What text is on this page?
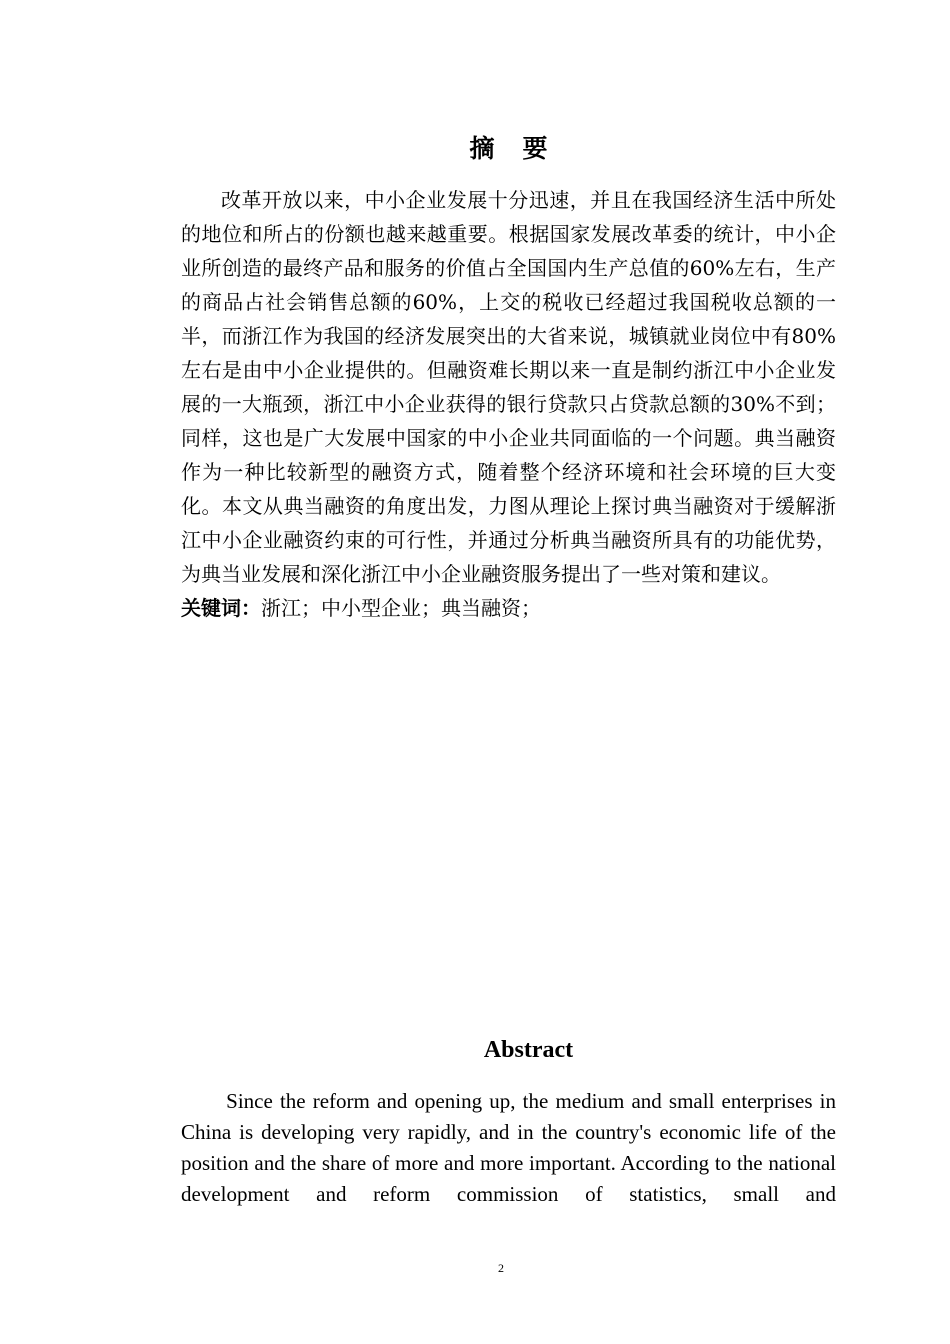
摘要

改革开放以来，中小企业发展十分迅速，并且在我国经济生活中所处的地位和所占的份额也越来越重要。根据国家发展改革委的统计，中小企业所创造的最终产品和服务的价值占全国国内生产总值的60%左右，生产的商品占社会销售总额的60%，上交的税收已经超过我国税收总额的一半，而浙江作为我国的经济发展突出的大省来说，城镇就业岗位中有80%左右是由中小企业提供的。但融资难长期以来一直是制约浙江中小企业发展的一大瓶颈，浙江中小企业获得的银行贷款只占贷款总额的30%不到；同样，这也是广大发展中国家的中小企业共同面临的一个问题。典当融资作为一种比较新型的融资方式，随着整个经济环境和社会环境的巨大变化。本文从典当融资的角度出发，力图从理论上探讨典当融资对于缓解浙江中小企业融资约束的可行性，并通过分析典当融资所具有的功能优势，为典当业发展和深化浙江中小企业融资服务提出了一些对策和建议。

关键词：浙江；中小型企业；典当融资；

Abstract

Since the reform and opening up, the medium and small enterprises in China is developing very rapidly, and in the country's economic life of the position and the share of more and more important. According to the national development and reform commission of statistics, small and

2
